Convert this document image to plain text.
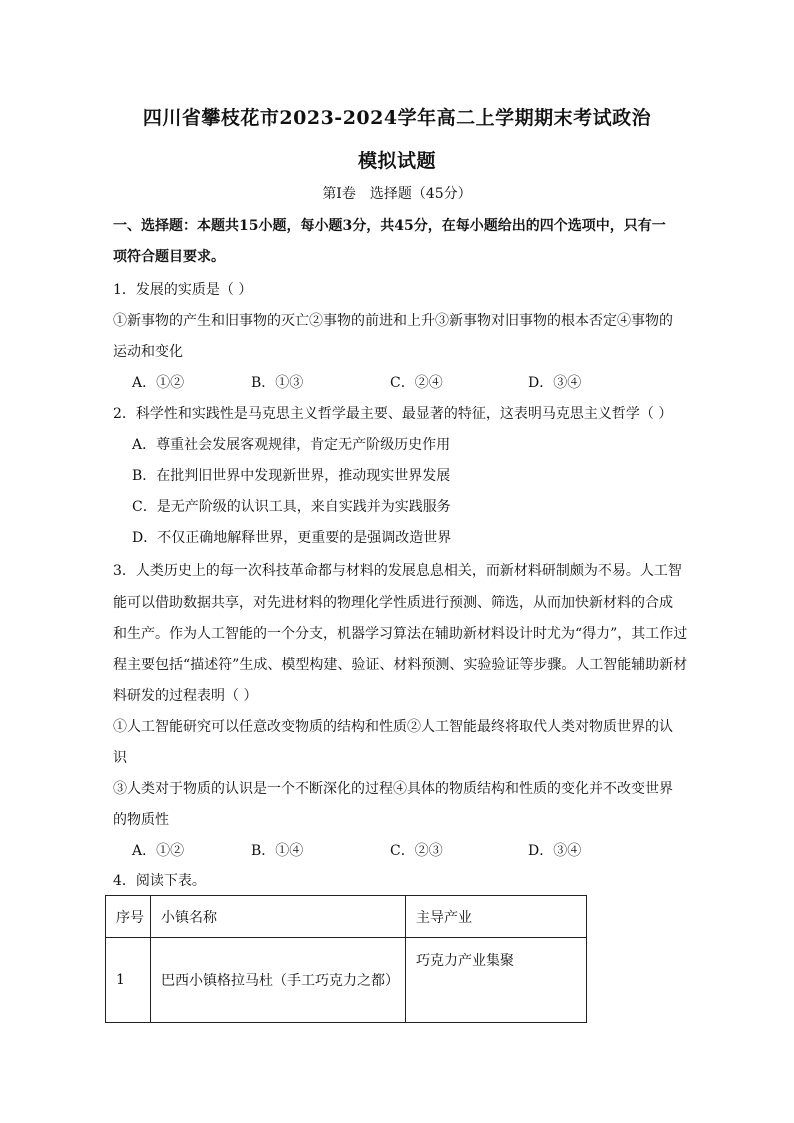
四川省攀枝花市2023-2024学年高二上学期期末考试政治
模拟试题
第Ⅰ卷　选择题（45分）
一、选择题：本题共15小题，每小题3分，共45分，在每小题给出的四个选项中，只有一
项符合题目要求。
1．发展的实质是（ ）
①新事物的产生和旧事物的灭亡②事物的前进和上升③新事物对旧事物的根本否定④事物的
运动和变化
A．①②	B．①③	C．②④	D．③④
2．科学性和实践性是马克思主义哲学最主要、最显著的特征，这表明马克思主义哲学（ ）
A．尊重社会发展客观规律，肯定无产阶级历史作用
B．在批判旧世界中发现新世界，推动现实世界发展
C．是无产阶级的认识工具，来自实践并为实践服务
D．不仅正确地解释世界，更重要的是强调改造世界
3．人类历史上的每一次科技革命都与材料的发展息息相关，而新材料研制颇为不易。人工智
能可以借助数据共享，对先进材料的物理化学性质进行预测、筛选，从而加快新材料的合成
和生产。作为人工智能的一个分支，机器学习算法在辅助新材料设计时尤为“得力”，其工作过
程主要包括“描述符”生成、模型构建、验证、材料预测、实验验证等步骤。人工智能辅助新材
料研发的过程表明（ ）
①人工智能研究可以任意改变物质的结构和性质②人工智能最终将取代人类对物质世界的认
识
③人类对于物质的认识是一个不断深化的过程④具体的物质结构和性质的变化并不改变世界
的物质性
A．①②	B．①④	C．②③	D．③④
4．阅读下表。
序号	小镇名称	主导产业
1	巴西小镇格拉马杜（手工巧克力之都）	巧克力产业集聚
